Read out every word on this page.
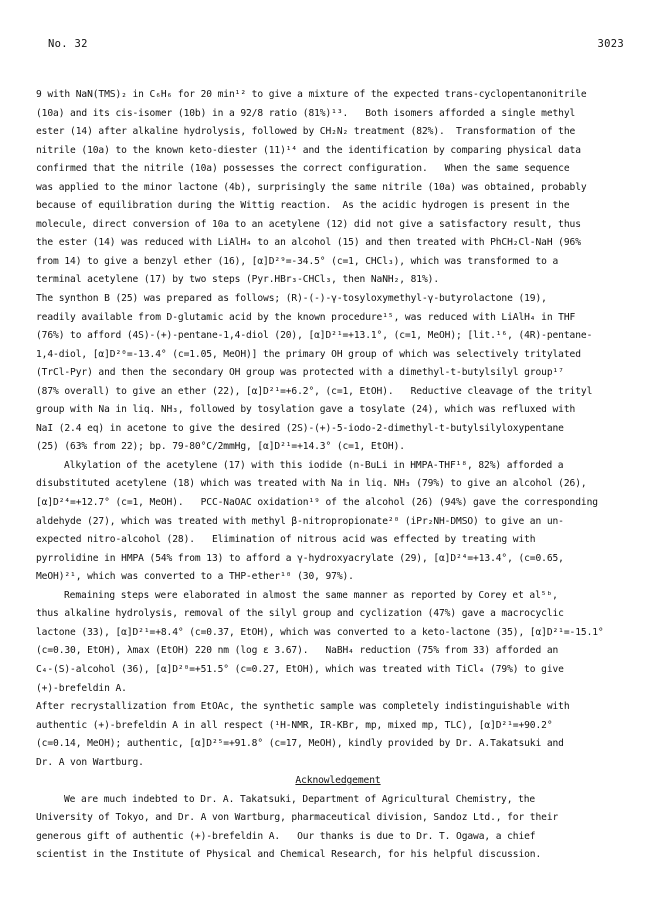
No. 32	3023
9 with NaN(TMS)₂ in C₆H₆ for 20 min¹² to give a mixture of the expected trans-cyclopentanonitrile
(10a) and its cis-isomer (10b) in a 92/8 ratio (81%)¹³.   Both isomers afforded a single methyl
ester (14) after alkaline hydrolysis, followed by CH₂N₂ treatment (82%).  Transformation of the
nitrile (10a) to the known keto-diester (11)¹⁴ and the identification by comparing physical data
confirmed that the nitrile (10a) possesses the correct configuration.   When the same sequence
was applied to the minor lactone (4b), surprisingly the same nitrile (10a) was obtained, probably
because of equilibration during the Wittig reaction.  As the acidic hydrogen is present in the
molecule, direct conversion of 10a to an acetylene (12) did not give a satisfactory result, thus
the ester (14) was reduced with LiAlH₄ to an alcohol (15) and then treated with PhCH₂Cl-NaH (96%
from 14) to give a benzyl ether (16), [α]D²⁹=-34.5° (c=1, CHCl₃), which was transformed to a
terminal acetylene (17) by two steps (Pyr.HBr₃-CHCl₃, then NaNH₂, 81%).
The synthon B (25) was prepared as follows; (R)-(-)-γ-tosyloxymethyl-γ-butyrolactone (19),
readily available from D-glutamic acid by the known procedure¹⁵, was reduced with LiAlH₄ in THF
(76%) to afford (4S)-(+)-pentane-1,4-diol (20), [α]D²¹=+13.1°, (c=1, MeOH); [lit.¹⁶, (4R)-pentane-
1,4-diol, [α]D²⁰=-13.4° (c=1.05, MeOH)] the primary OH group of which was selectively tritylated
(TrCl-Pyr) and then the secondary OH group was protected with a dimethyl-t-butylsilyl group¹⁷
(87% overall) to give an ether (22), [α]D²¹=+6.2°, (c=1, EtOH).   Reductive cleavage of the trityl
group with Na in liq. NH₃, followed by tosylation gave a tosylate (24), which was refluxed with
NaI (2.4 eq) in acetone to give the desired (2S)-(+)-5-iodo-2-dimethyl-t-butylsilyloxypentane
(25) (63% from 22); bp. 79-80°C/2mmHg, [α]D²¹=+14.3° (c=1, EtOH).
Alkylation of the acetylene (17) with this iodide (n-BuLi in HMPA-THF¹⁸, 82%) afforded a
disubstituted acetylene (18) which was treated with Na in liq. NH₃ (79%) to give an alcohol (26),
[α]D²⁴=+12.7° (c=1, MeOH).   PCC-NaOAC oxidation¹⁹ of the alcohol (26) (94%) gave the corresponding
aldehyde (27), which was treated with methyl β-nitropropionate²⁰ (iPr₂NH-DMSO) to give an un-
expected nitro-alcohol (28).   Elimination of nitrous acid was effected by treating with
pyrrolidine in HMPA (54% from 13) to afford a γ-hydroxyacrylate (29), [α]D²⁴=+13.4°, (c=0.65,
MeOH)²¹, which was converted to a THP-ether¹⁰ (30, 97%).
Remaining steps were elaborated in almost the same manner as reported by Corey et al⁵ᵇ,
thus alkaline hydrolysis, removal of the silyl group and cyclization (47%) gave a macrocyclic
lactone (33), [α]D²¹=+8.4° (c=0.37, EtOH), which was converted to a keto-lactone (35), [α]D²¹=-15.1°
(c=0.30, EtOH), λmax (EtOH) 220 nm (log ε 3.67).   NaBH₄ reduction (75% from 33) afforded an
C₄-(S)-alcohol (36), [α]D²⁰=+51.5° (c=0.27, EtOH), which was treated with TiCl₄ (79%) to give
(+)-brefeldin A.
After recrystallization from EtOAc, the synthetic sample was completely indistinguishable with
authentic (+)-brefeldin A in all respect (¹H-NMR, IR-KBr, mp, mixed mp, TLC), [α]D²¹=+90.2°
(c=0.14, MeOH); authentic, [α]D²⁵=+91.8° (c=17, MeOH), kindly provided by Dr. A.Takatsuki and
Dr. A von Wartburg.
Acknowledgement
We are much indebted to Dr. A. Takatsuki, Department of Agricultural Chemistry, the
University of Tokyo, and Dr. A von Wartburg, pharmaceutical division, Sandoz Ltd., for their
generous gift of authentic (+)-brefeldin A.   Our thanks is due to Dr. T. Ogawa, a chief
scientist in the Institute of Physical and Chemical Research, for his helpful discussion.
